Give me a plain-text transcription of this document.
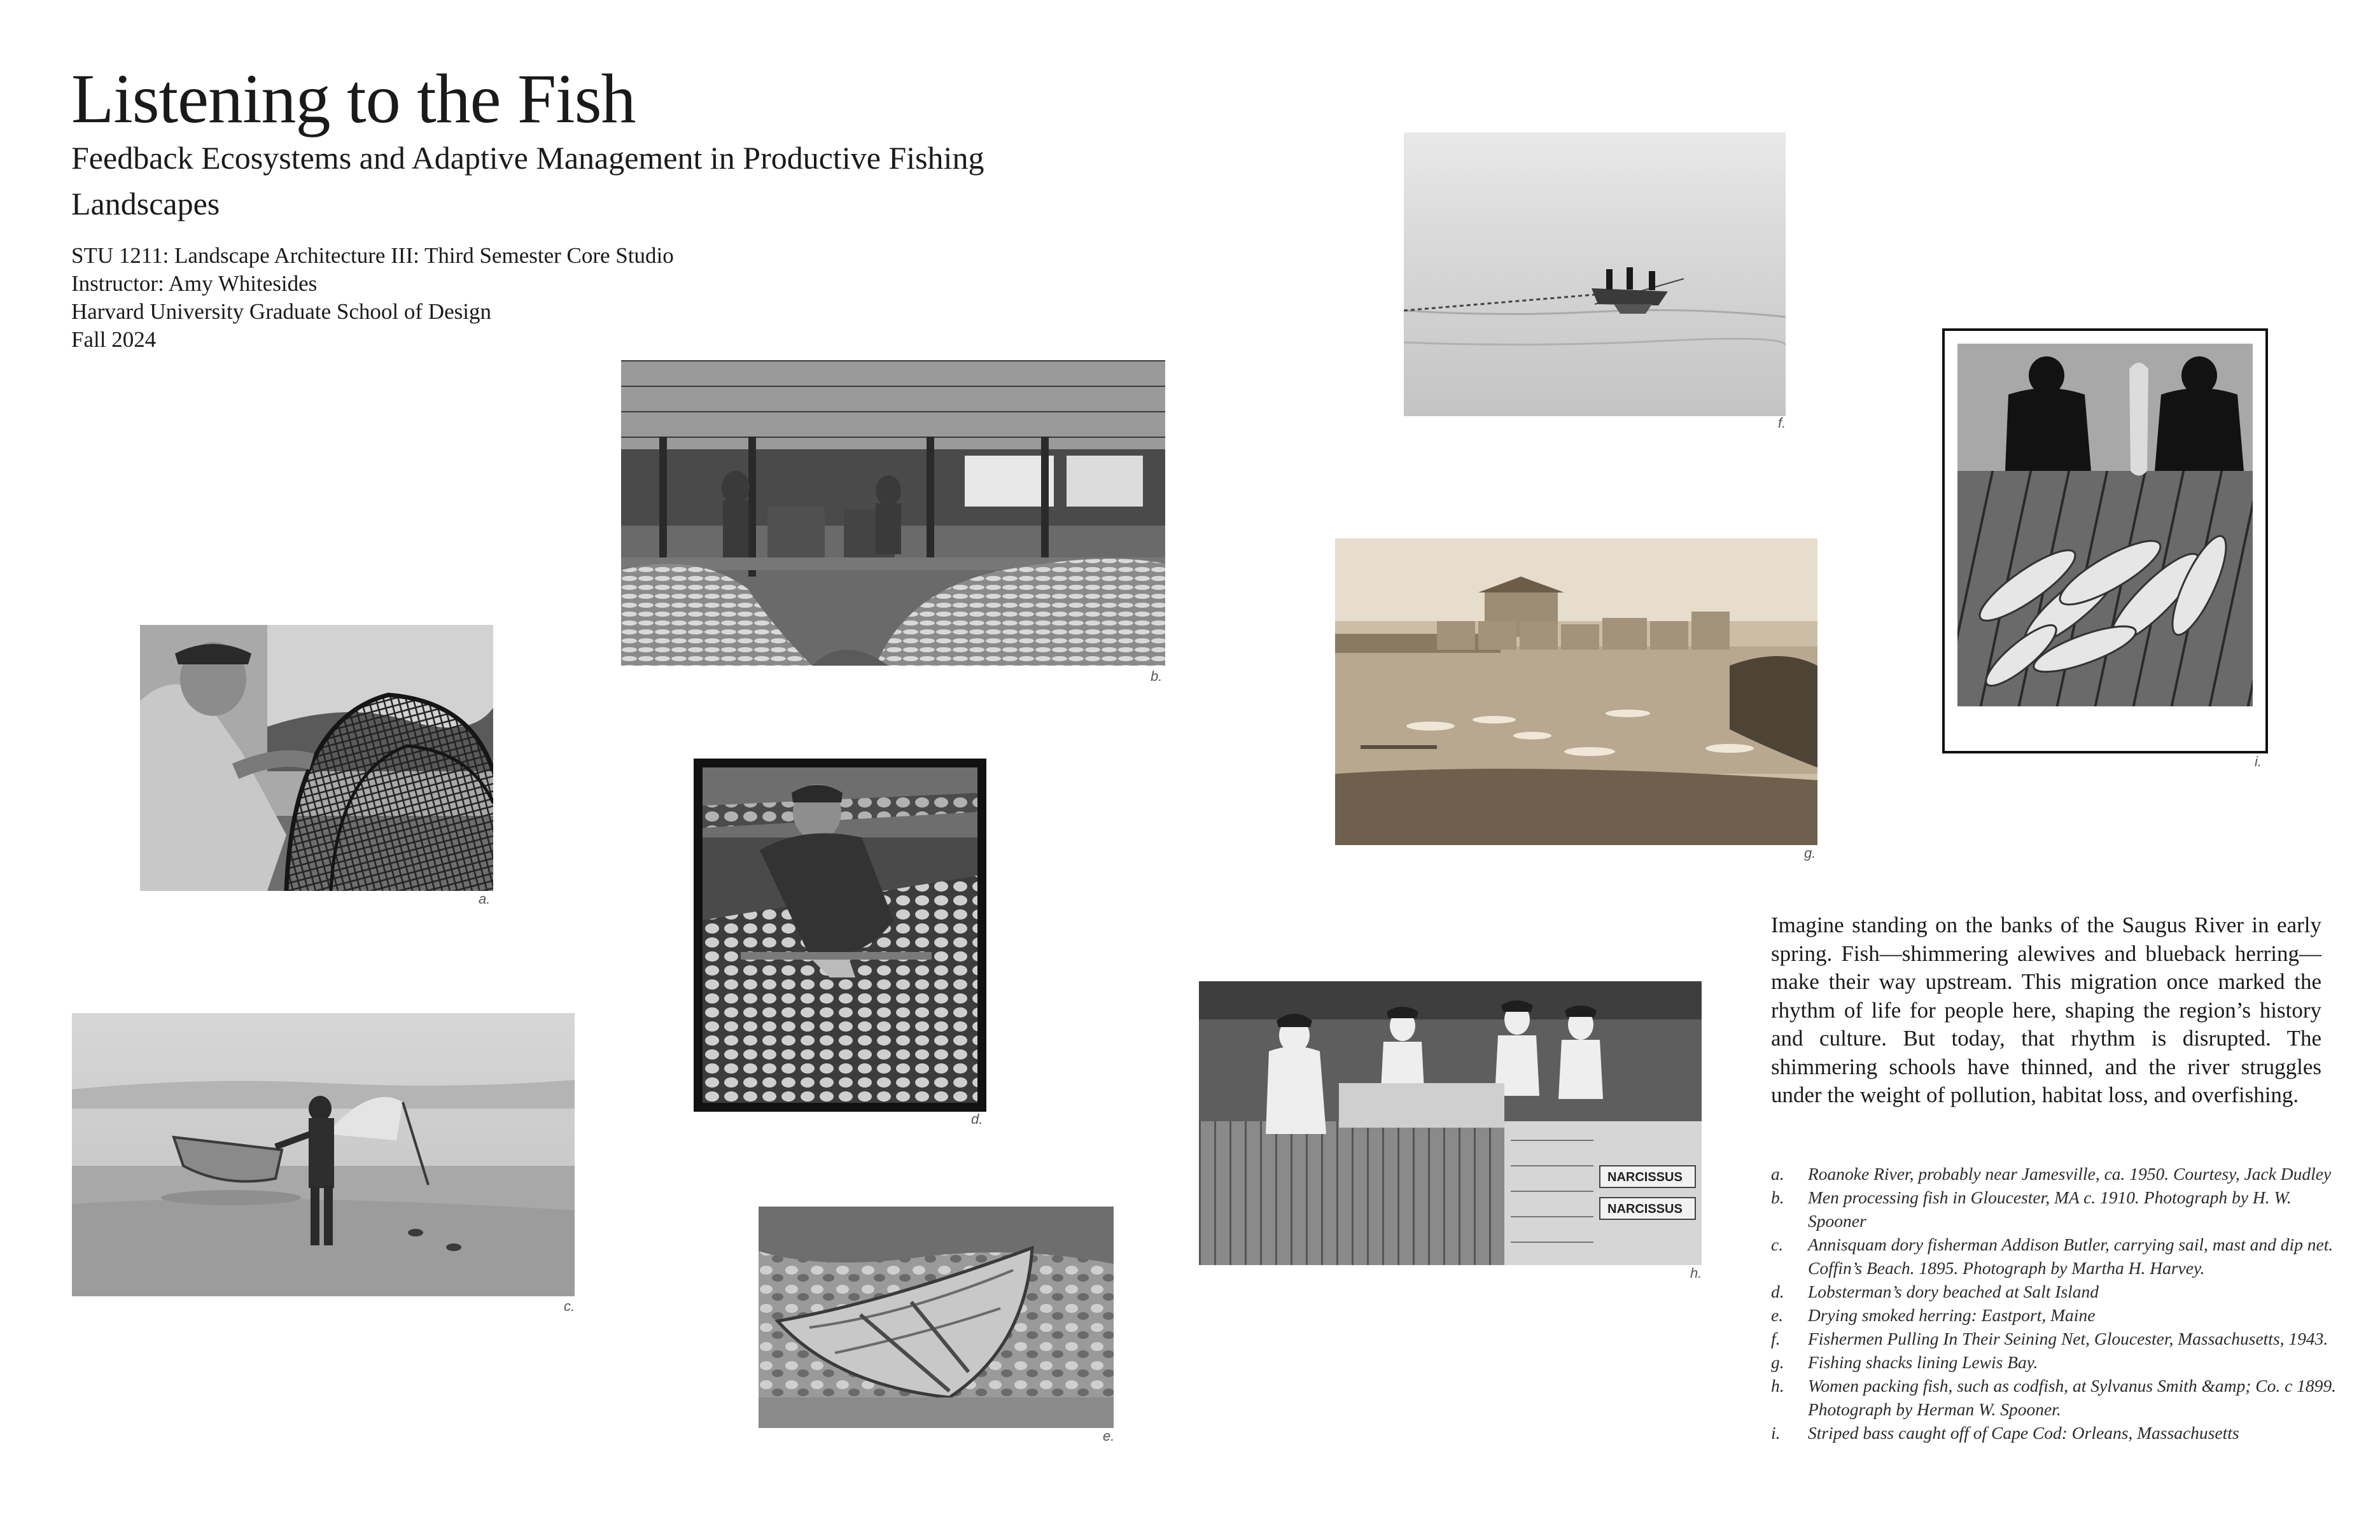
Listening to the Fish
Feedback Ecosystems and Adaptive Management in Productive Fishing Landscapes
STU 1211: Landscape Architecture III: Third Semester Core Studio
Instructor: Amy Whitesides
Harvard University Graduate School of Design
Fall 2024
a.
b.
c.
d.
e.
f.
g.
NARCISSUS
NARCISSUS
h.
i.

Imagine standing on the banks of the Saugus River in early spring. Fish—shimmering alewives and blueback herring—make their way upstream. This migration once marked the rhythm of life for people here, shaping the region’s history and culture. But today, that rhythm is disrupted. The shimmering schools have thinned, and the river struggles under the weight of pollution, habitat loss, and overfishing.

a.	Roanoke River, probably near Jamesville, ca. 1950. Courtesy, Jack Dudley
b.	Men processing fish in Gloucester, MA c. 1910. Photograph by H. W. Spooner
c.	Annisquam dory fisherman Addison Butler, carrying sail, mast and dip net. Coffin’s Beach. 1895. Photograph by Martha H. Harvey.
d.	Lobsterman’s dory beached at Salt Island
e.	Drying smoked herring: Eastport, Maine
f.	Fishermen Pulling In Their Seining Net, Gloucester, Massachusetts, 1943.
g.	Fishing shacks lining Lewis Bay.
h.	Women packing fish, such as codfish, at Sylvanus Smith &amp; Co. c 1899. Photograph by Herman W. Spooner.
i.	Striped bass caught off of Cape Cod: Orleans, Massachusetts
